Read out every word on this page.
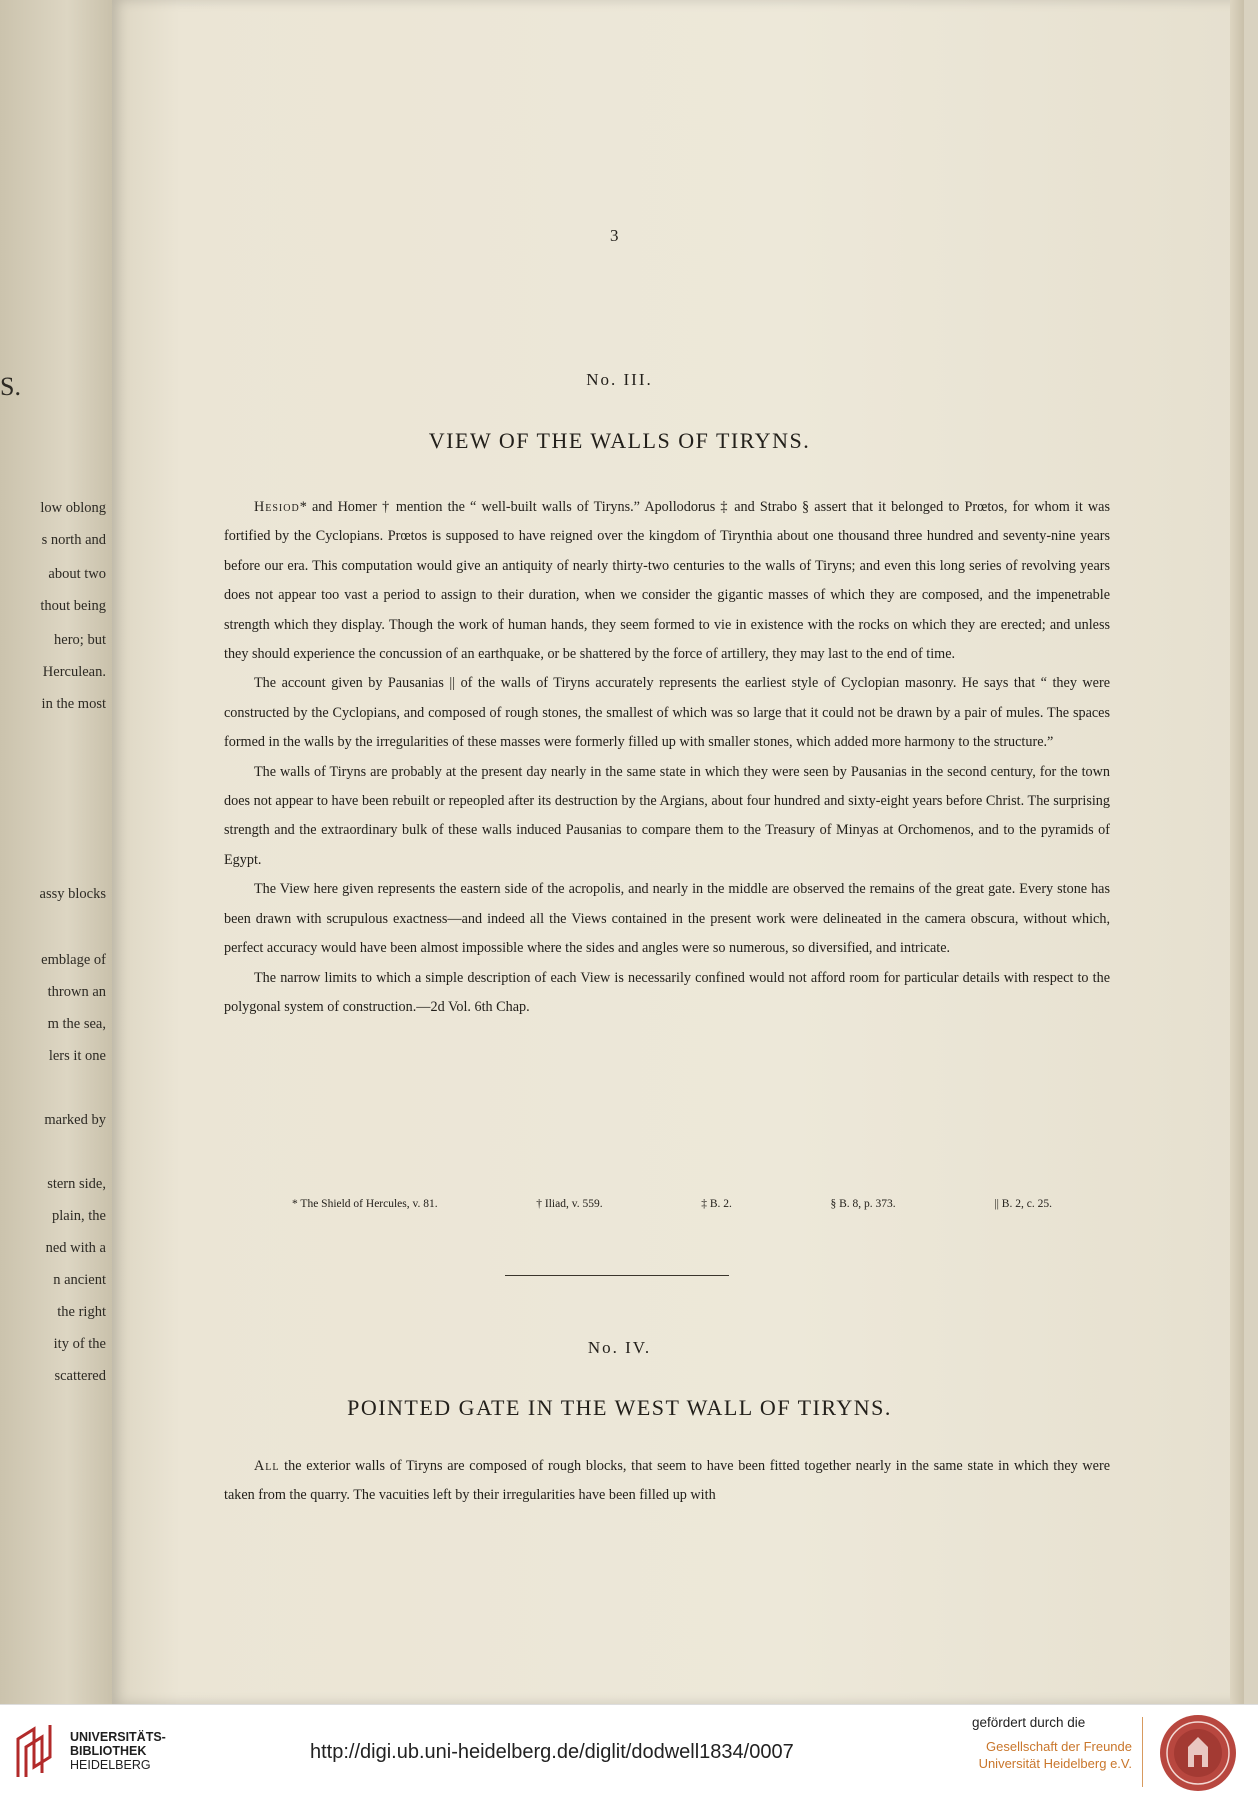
S.
low oblong
s north and
about two
thout being
hero; but
Herculean.
in the most
assy blocks
emblage of
thrown an
m the sea,
lers it one
marked by
stern side,
plain, the
ned with a
n ancient
the right
ity of the
scattered
3
No. III.
VIEW OF THE WALLS OF TIRYNS.

Hesiod* and Homer † mention the “ well-built walls of Tiryns.” Apollodorus ‡ and Strabo § assert that it belonged to Prœtos, for whom it was fortified by the Cyclopians. Prœtos is supposed to have reigned over the kingdom of Tirynthia about one thousand three hundred and seventy-nine years before our era. This computation would give an antiquity of nearly thirty-two centuries to the walls of Tiryns; and even this long series of revolving years does not appear too vast a period to assign to their duration, when we consider the gigantic masses of which they are composed, and the impenetrable strength which they display. Though the work of human hands, they seem formed to vie in existence with the rocks on which they are erected; and unless they should experience the concussion of an earthquake, or be shattered by the force of artillery, they may last to the end of time.

The account given by Pausanias || of the walls of Tiryns accurately represents the earliest style of Cyclopian masonry. He says that “ they were constructed by the Cyclopians, and composed of rough stones, the smallest of which was so large that it could not be drawn by a pair of mules. The spaces formed in the walls by the irregularities of these masses were formerly filled up with smaller stones, which added more harmony to the structure.”

The walls of Tiryns are probably at the present day nearly in the same state in which they were seen by Pausanias in the second century, for the town does not appear to have been rebuilt or repeopled after its destruction by the Argians, about four hundred and sixty-eight years before Christ. The surprising strength and the extraordinary bulk of these walls induced Pausanias to compare them to the Treasury of Minyas at Orchomenos, and to the pyramids of Egypt.

The View here given represents the eastern side of the acropolis, and nearly in the middle are observed the remains of the great gate. Every stone has been drawn with scrupulous exactness—and indeed all the Views contained in the present work were delineated in the camera obscura, without which, perfect accuracy would have been almost impossible where the sides and angles were so numerous, so diversified, and intricate.

The narrow limits to which a simple description of each View is necessarily confined would not afford room for particular details with respect to the polygonal system of construction.—2d Vol. 6th Chap.

* The Shield of Hercules, v. 81.	† Iliad, v. 559.	‡ B. 2.	§ B. 8, p. 373.	|| B. 2, c. 25.
No. IV.
POINTED GATE IN THE WEST WALL OF TIRYNS.

All the exterior walls of Tiryns are composed of rough blocks, that seem to have been fitted together nearly in the same state in which they were taken from the quarry. The vacuities left by their irregularities have been filled up with

UNIVERSITÄTS-
BIBLIOTHEK
HEIDELBERG
http://digi.ub.uni-heidelberg.de/diglit/dodwell1834/0007
gefördert durch die
Gesellschaft der Freunde
Universität Heidelberg e.V.
